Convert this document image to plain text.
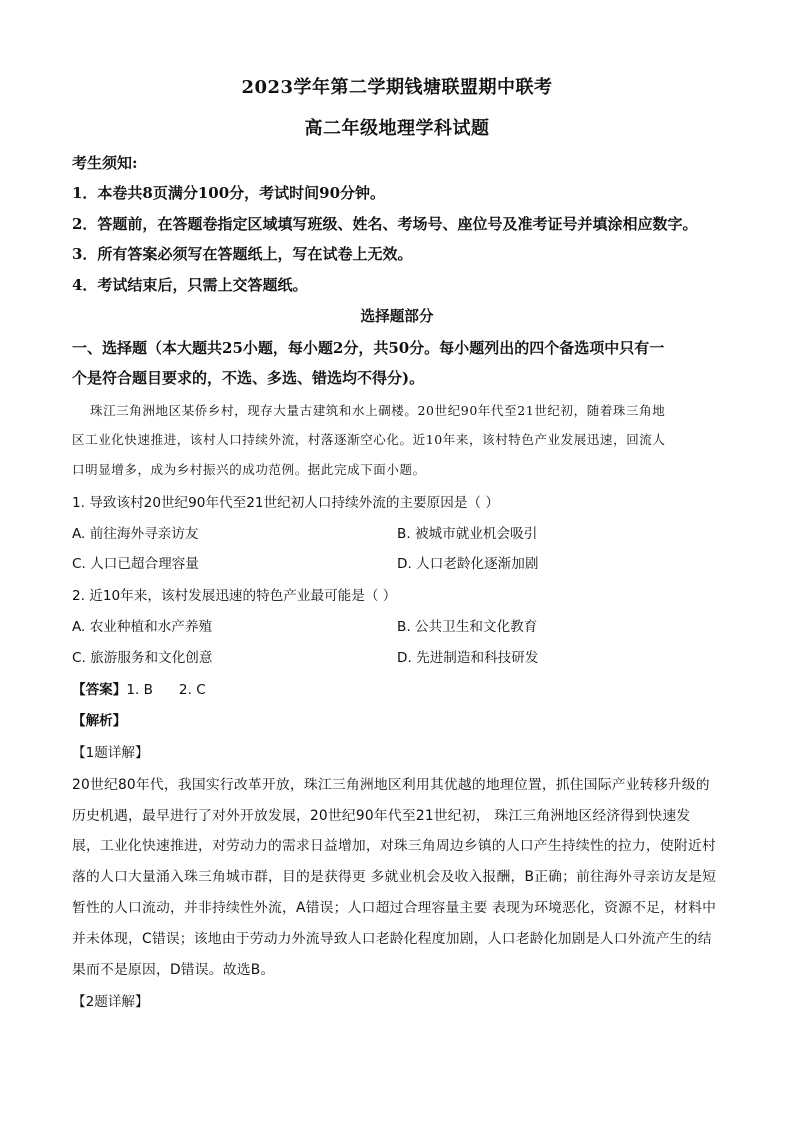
2023学年第二学期钱塘联盟期中联考
高二年级地理学科试题
考生须知:
1．本卷共8页满分100分，考试时间90分钟。
2．答题前，在答题卷指定区域填写班级、姓名、考场号、座位号及准考证号并填涂相应数字。
3．所有答案必须写在答题纸上，写在试卷上无效。
4．考试结束后，只需上交答题纸。
选择题部分
一、选择题（本大题共25小题，每小题2分，共50分。每小题列出的四个备选项中只有一
个是符合题目要求的，不选、多选、错选均不得分)。
珠江三角洲地区某侨乡村，现存大量古建筑和水上碉楼。20世纪90年代至21世纪初，随着珠三角地
区工业化快速推进，该村人口持续外流，村落逐渐空心化。近10年来，该村特色产业发展迅速，回流人
口明显增多，成为乡村振兴的成功范例。据此完成下面小题。
1. 导致该村20世纪90年代至21世纪初人口持续外流的主要原因是（ ）
A. 前往海外寻亲访友	B. 被城市就业机会吸引
C. 人口已超合理容量	D. 人口老龄化逐渐加剧
2. 近10年来，该村发展迅速的特色产业最可能是（ ）
A. 农业种植和水产养殖	B. 公共卫生和文化教育
C. 旅游服务和文化创意	D. 先进制造和科技研发
【答案】1. B      2. C
【解析】
【1题详解】
20世纪80年代，我国实行改革开放，珠江三角洲地区利用其优越的地理位置，抓住国际产业转移升级的
历史机遇，最早进行了对外开放发展，20世纪90年代至21世纪初， 珠江三角洲地区经济得到快速发
展，工业化快速推进，对劳动力的需求日益增加，对珠三角周边乡镇的人口产生持续性的拉力，使附近村
落的人口大量涌入珠三角城市群，目的是获得更 多就业机会及收入报酬，B正确；前往海外寻亲访友是短
暂性的人口流动，并非持续性外流，A错误；人口超过合理容量主要 表现为环境恶化，资源不足，材料中
并未体现，C错误；该地由于劳动力外流导致人口老龄化程度加剧，人口老龄化加剧是人口外流产生的结
果而不是原因，D错误。故选B。
【2题详解】
